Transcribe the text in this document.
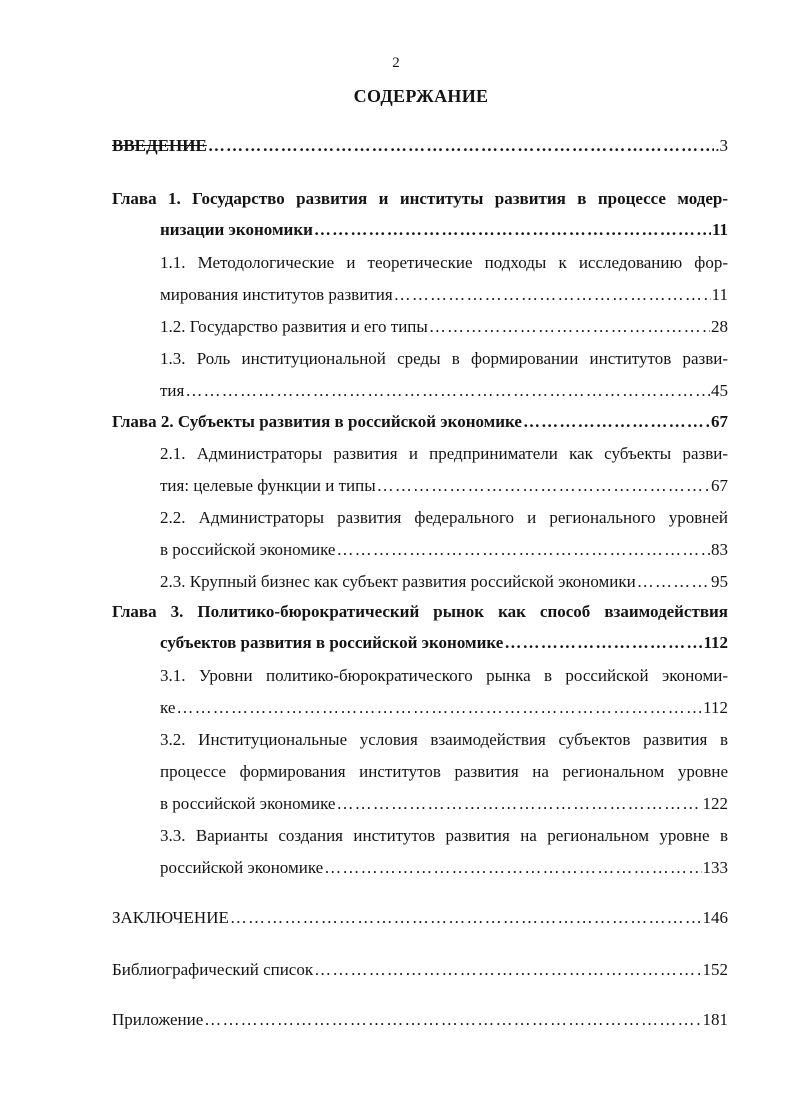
2
СОДЕРЖАНИЕ
ВВЕДЕНИЕ ……………………………………………………………………………………………………………………………………………………………………	.3
Глава 1. Государство развития и институты развития в процессе модер-
низации экономики ……………………………………………………………………………………………………………………………………………………………………	11
1.1. Методологические и теоретические подходы к исследованию фор-
мирования институтов развития ……………………………………………………………………………………………………………………………………………………………………	11
1.2. Государство развития и его типы ……………………………………………………………………………………………………………………………………………………………………	28
1.3. Роль институциональной среды в формировании институтов разви-
тия ……………………………………………………………………………………………………………………………………………………………………	45
Глава 2. Субъекты развития в российской экономике ……………………………………………………………………………………………………………………………………………………………………	67
2.1. Администраторы развития и предприниматели как субъекты разви-
тия: целевые функции и типы ……………………………………………………………………………………………………………………………………………………………………	67
2.2. Администраторы развития федерального и регионального уровней
в российской экономике ……………………………………………………………………………………………………………………………………………………………………	83
2.3. Крупный бизнес как субъект развития российской экономики ……………………………………………………………………………………………………………………………………………………………………	95
Глава 3. Политико-бюрократический рынок как способ взаимодействия
субъектов развития в российской экономике ……………………………………………………………………………………………………………………………………………………………………	112
3.1. Уровни политико-бюрократического рынка в российской экономи-
ке ……………………………………………………………………………………………………………………………………………………………………	112
3.2. Институциональные условия взаимодействия субъектов развития в
процессе формирования институтов развития на региональном уровне
в российской экономике ……………………………………………………………………………………………………………………………………………………………………	122
3.3. Варианты создания институтов развития на региональном уровне в
российской экономике ……………………………………………………………………………………………………………………………………………………………………	133
ЗАКЛЮЧЕНИЕ ……………………………………………………………………………………………………………………………………………………………………	146
Библиографический список ……………………………………………………………………………………………………………………………………………………………………	152
Приложение ……………………………………………………………………………………………………………………………………………………………………	181
